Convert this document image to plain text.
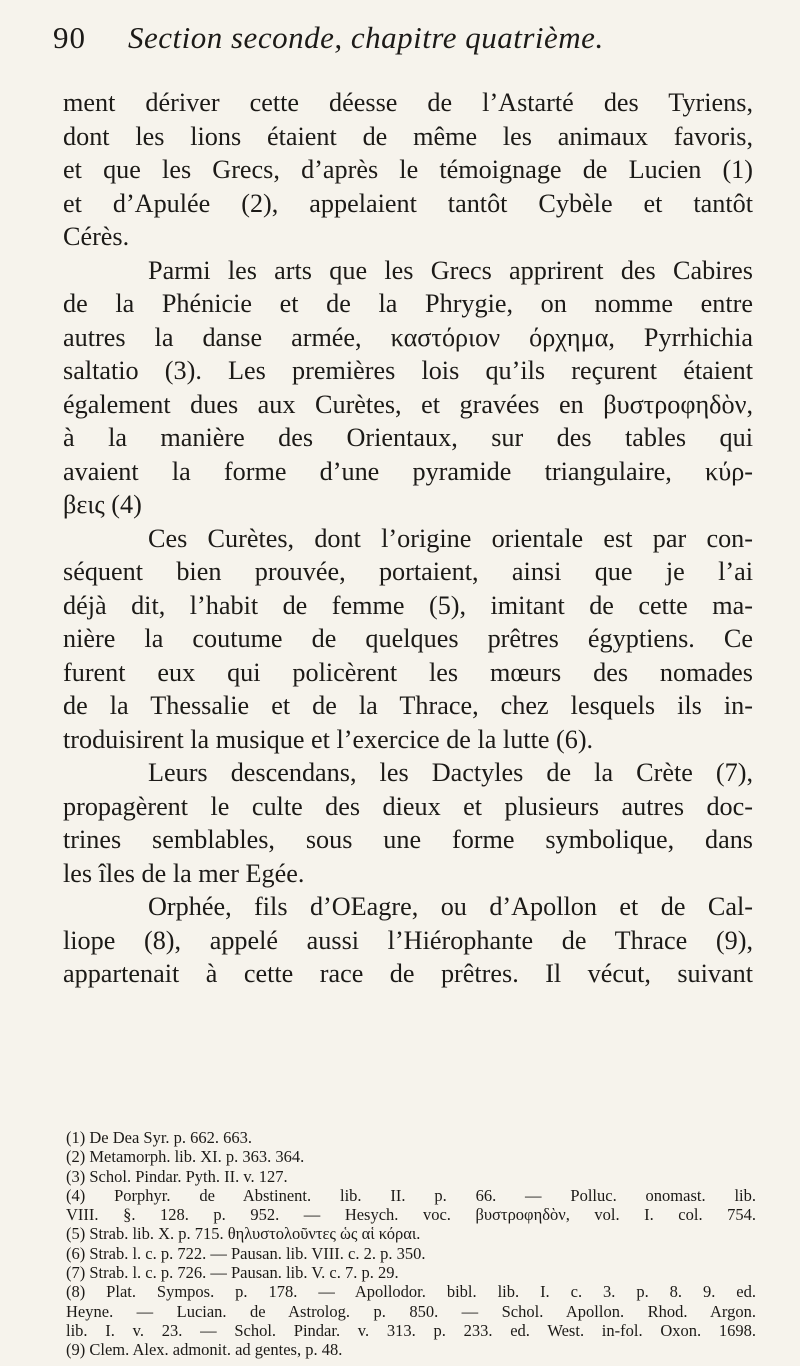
90 Section seconde, chapitre quatrième.
ment dériver cette déesse de l’Astarté des Tyriens,
dont les lions étaient de même les animaux favoris,
et que les Grecs, d’après le témoignage de Lucien (1)
et d’Apulée (2), appelaient tantôt Cybèle et tantôt
Cérès.
Parmi les arts que les Grecs apprirent des Cabires
de la Phénicie et de la Phrygie, on nomme entre
autres la danse armée, καστόριον όρχημα, Pyrrhichia
saltatio (3). Les premières lois qu’ils reçurent étaient
également dues aux Curètes, et gravées en βυστροφηδὸν,
à la manière des Orientaux, sur des tables qui
avaient la forme d’une pyramide triangulaire, κύρ-
βεις (4)
Ces Curètes, dont l’origine orientale est par con-
séquent bien prouvée, portaient, ainsi que je l’ai
déjà dit, l’habit de femme (5), imitant de cette ma-
nière la coutume de quelques prêtres égyptiens. Ce
furent eux qui policèrent les mœurs des nomades
de la Thessalie et de la Thrace, chez lesquels ils in-
troduisirent la musique et l’exercice de la lutte (6).
Leurs descendans, les Dactyles de la Crète (7),
propagèrent le culte des dieux et plusieurs autres doc-
trines semblables, sous une forme symbolique, dans
les îles de la mer Egée.
Orphée, fils d’OEagre, ou d’Apollon et de Cal-
liope (8), appelé aussi l’Hiérophante de Thrace (9),
appartenait à cette race de prêtres. Il vécut, suivant
(1) De Dea Syr. p. 662. 663.
(2) Metamorph. lib. XI. p. 363. 364.
(3) Schol. Pindar. Pyth. II. v. 127.
(4) Porphyr. de Abstinent. lib. II. p. 66. — Polluc. onomast. lib.
VIII. §. 128. p. 952. — Hesych. voc. βυστροφηδὸν, vol. I. col. 754.
(5) Strab. lib. X. p. 715. θηλυστολοῦντες ὡς αἱ κόραι.
(6) Strab. l. c. p. 722. — Pausan. lib. VIII. c. 2. p. 350.
(7) Strab. l. c. p. 726. — Pausan. lib. V. c. 7. p. 29.
(8) Plat. Sympos. p. 178. — Apollodor. bibl. lib. I. c. 3. p. 8. 9. ed.
Heyne. — Lucian. de Astrolog. p. 850. — Schol. Apollon. Rhod. Argon.
lib. I. v. 23. — Schol. Pindar. v. 313. p. 233. ed. West. in-fol. Oxon. 1698.
(9) Clem. Alex. admonit. ad gentes, p. 48.
